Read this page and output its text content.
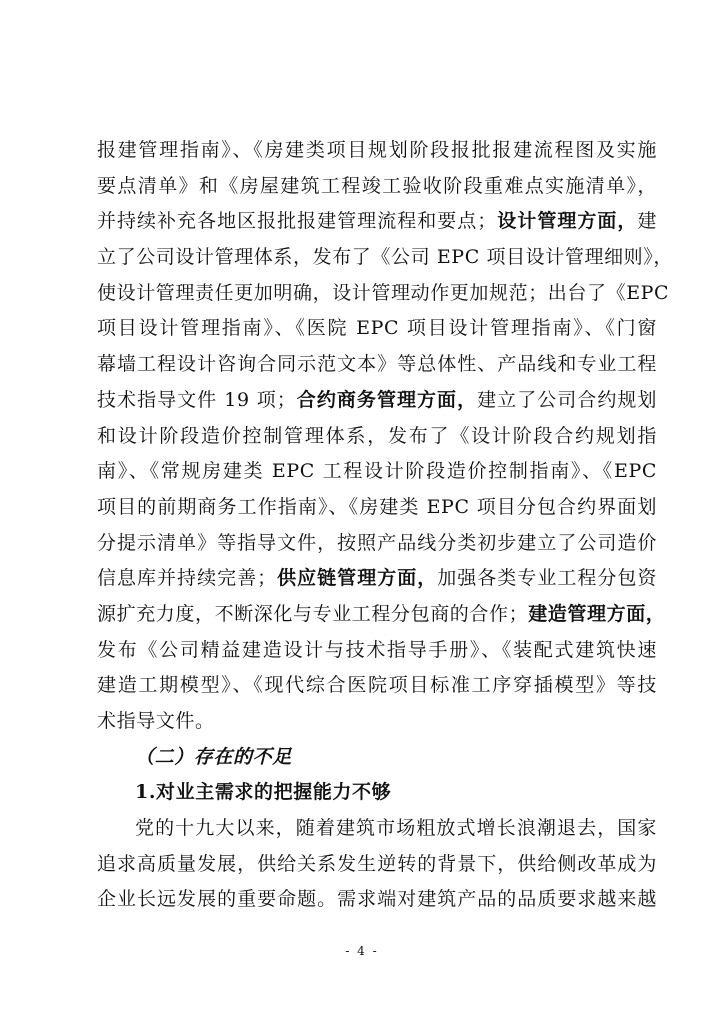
报建管理指南》、《房建类项目规划阶段报批报建流程图及实施
要点清单》和《房屋建筑工程竣工验收阶段重难点实施清单》，
并持续补充各地区报批报建管理流程和要点；设计管理方面，建
立了公司设计管理体系，发布了《公司 EPC 项目设计管理细则》，
使设计管理责任更加明确，设计管理动作更加规范；出台了《EPC
项目设计管理指南》、《医院 EPC 项目设计管理指南》、《门窗
幕墙工程设计咨询合同示范文本》等总体性、产品线和专业工程
技术指导文件 19 项；合约商务管理方面，建立了公司合约规划
和设计阶段造价控制管理体系，发布了《设计阶段合约规划指
南》、《常规房建类 EPC 工程设计阶段造价控制指南》、《EPC
项目的前期商务工作指南》、《房建类 EPC 项目分包合约界面划
分提示清单》等指导文件，按照产品线分类初步建立了公司造价
信息库并持续完善；供应链管理方面，加强各类专业工程分包资
源扩充力度，不断深化与专业工程分包商的合作；建造管理方面，
发布《公司精益建造设计与技术指导手册》、《装配式建筑快速
建造工期模型》、《现代综合医院项目标准工序穿插模型》等技
术指导文件。
（二）存在的不足
1.对业主需求的把握能力不够
党的十九大以来，随着建筑市场粗放式增长浪潮退去，国家
追求高质量发展，供给关系发生逆转的背景下，供给侧改革成为
企业长远发展的重要命题。需求端对建筑产品的品质要求越来越
- 4 -
